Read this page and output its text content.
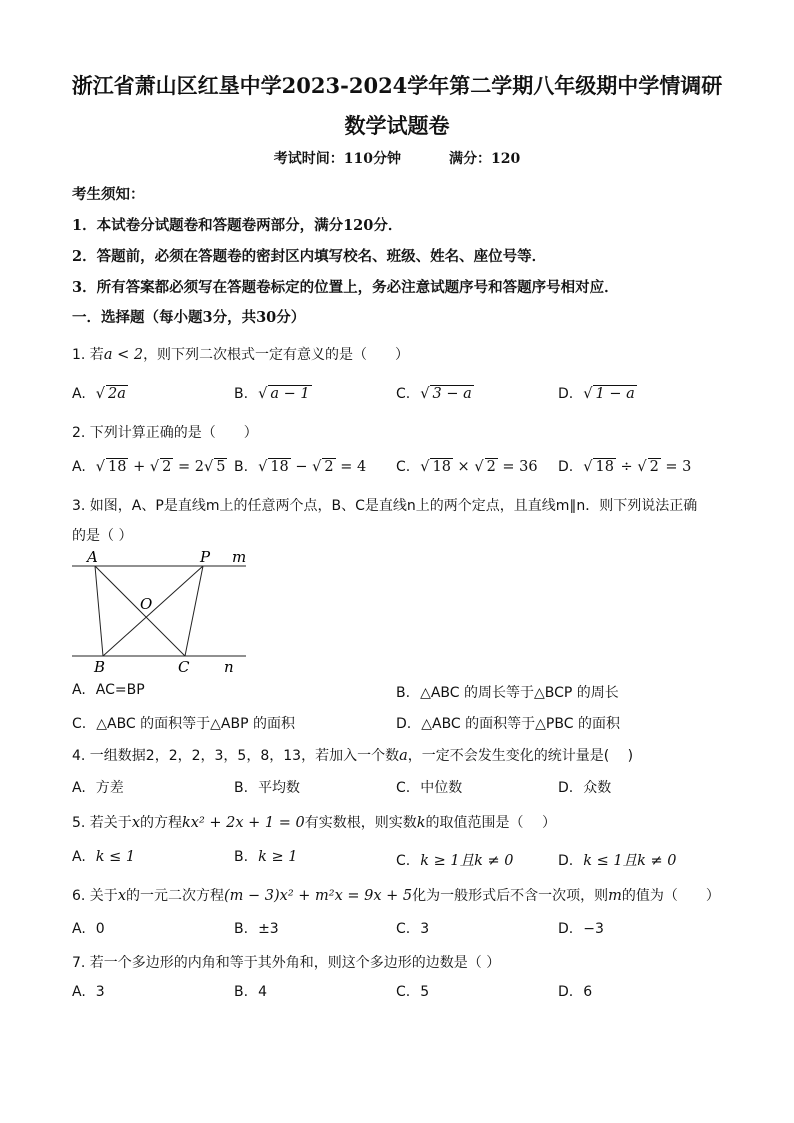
浙江省萧山区红垦中学2023-2024学年第二学期八年级期中学情调研
数学试题卷
考试时间：110分钟	满分：120
考生须知：
1．本试卷分试题卷和答题卷两部分，满分120分．
2．答题前，必须在答题卷的密封区内填写校名、班级、姓名、座位号等．
3．所有答案都必须写在答题卷标定的位置上，务必注意试题序号和答题序号相对应．
一．选择题（每小题3分，共30分）
1. 若a < 2，则下列二次根式一定有意义的是（　　）
A. √ 2a	B. √ a − 1	C. √ 3 − a	D. √ 1 − a
2. 下列计算正确的是（　　）
A. √ 18 + √ 2 = 2√ 5 B. √ 18 − √ 2 = 4 C. √ 18 × √ 2 = 36 D. √ 18 ÷ √ 2 = 3
3. 如图，A、P是直线m上的任意两个点，B、C是直线n上的两个定点，且直线m∥n．则下列说法正确
的是（ ）
A	P m
O
B	C n
A. AC=BP	B. △ABC 的周长等于△BCP 的周长
C. △ABC 的面积等于△ABP 的面积	D. △ABC 的面积等于△PBC 的面积
4. 一组数据2，2，2，3，5，8，13，若加入一个数a，一定不会发生变化的统计量是(　 )
A. 方差	B. 平均数	C. 中位数	D. 众数
5. 若关于x的方程kx² + 2x + 1 = 0有实数根，则实数k的取值范围是（　 ）
A. k ≤ 1	B. k ≥ 1	C. k ≥ 1且k ≠ 0	D. k ≤ 1且k ≠ 0
6. 关于x的一元二次方程(m − 3)x² + m²x = 9x + 5化为一般形式后不含一次项，则m的值为（　　）
A. 0	B. ±3	C. 3	D. −3
7. 若一个多边形的内角和等于其外角和，则这个多边形的边数是（ ）
A. 3	B. 4	C. 5	D. 6
